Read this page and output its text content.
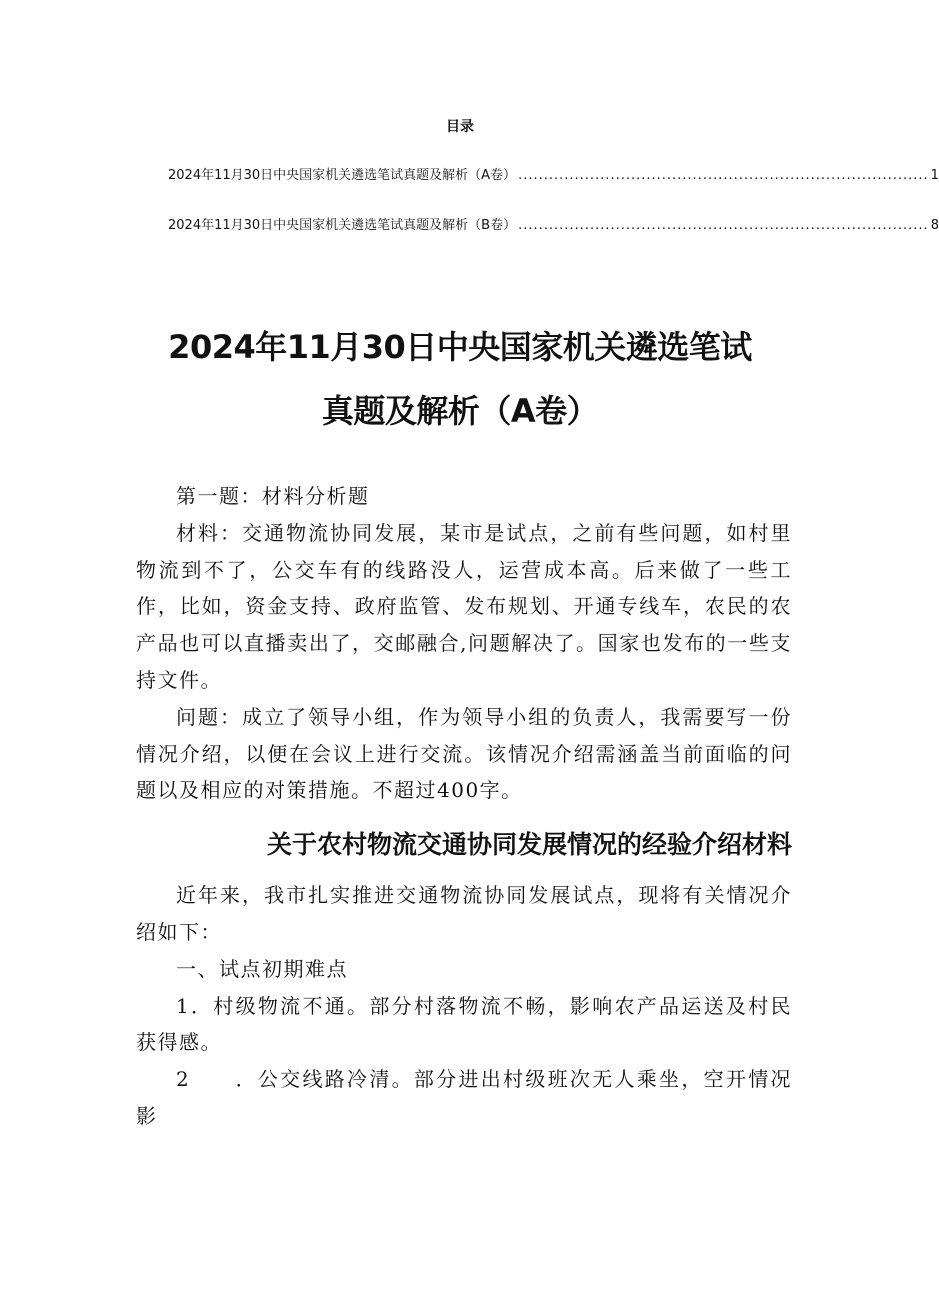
目录
2024年11月30日中央国家机关遴选笔试真题及解析（A卷） ................................................................................ 1
2024年11月30日中央国家机关遴选笔试真题及解析（B卷） ................................................................................ 8
2024年11月30日中央国家机关遴选笔试
真题及解析（A卷）

第一题：材料分析题

材料：交通物流协同发展，某市是试点，之前有些问题，如村里物流到不了，公交车有的线路没人，运营成本高。后来做了一些工作，比如，资金支持、政府监管、发布规划、开通专线车，农民的农产品也可以直播卖出了，交邮融合,问题解决了。国家也发布的一些支持文件。

问题：成立了领导小组，作为领导小组的负责人，我需要写一份情况介绍，以便在会议上进行交流。该情况介绍需涵盖当前面临的问题以及相应的对策措施。不超过400字。

关于农村物流交通协同发展情况的经验介绍材料

近年来，我市扎实推进交通物流协同发展试点，现将有关情况介绍如下：

一、试点初期难点

1．村级物流不通。部分村落物流不畅，影响农产品运送及村民获得感。

2　　．公交线路冷清。部分进出村级班次无人乘坐，空开情况影
